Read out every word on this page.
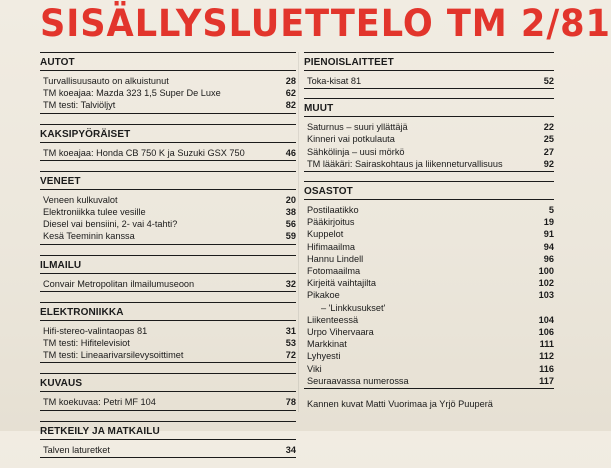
SISÄLLYSLUETTELO TM 2/81
AUTOT
Turvallisuusauto on alkuistunut	28
TM koeajaa: Mazda 323 1,5 Super De Luxe	62
TM testi: Talviöljyt	82
KAKSIPYÖRÄISET
TM koeajaa: Honda CB 750 K ja Suzuki GSX 750	46
VENEET
Veneen kulkuvalot	20
Elektroniikka tulee vesille	38
Diesel vai bensiini, 2- vai 4-tahti?	56
Kesä Teeminin kanssa	59
ILMAILU
Convair Metropolitan ilmailumuseoon	32
ELEKTRONIIKKA
Hifi-stereo-valintaopas 81	31
TM testi: Hifitelevisiot	53
TM testi: Lineaarivarsilevysoittimet	72
KUVAUS
TM koekuvaa: Petri MF 104	78
RETKEILY JA MATKAILU
Talven laturetket	34
PIENOISLAITTEET
Toka-kisat 81	52
MUUT
Saturnus – suuri yllättäjä	22
Kinneri vai potkulauta	25
Sähkölinja – uusi mörkö	27
TM lääkäri: Sairaskohtaus ja liikenneturvallisuus	92
OSASTOT
Postilaatikko	5
Pääkirjoitus	19
Kuppelot	91
Hifimaailma	94
Hannu Lindell	96
Fotomaailma	100
Kirjeitä vaihtajilta	102
Pikakoe	103
– 'Linkkusukset'
Liikenteessä	104
Urpo Vihervaara	106
Markkinat	111
Lyhyesti	112
Viki	116
Seuraavassa numerossa	117
Kannen kuvat Matti Vuorimaa ja Yrjö Puuperä
